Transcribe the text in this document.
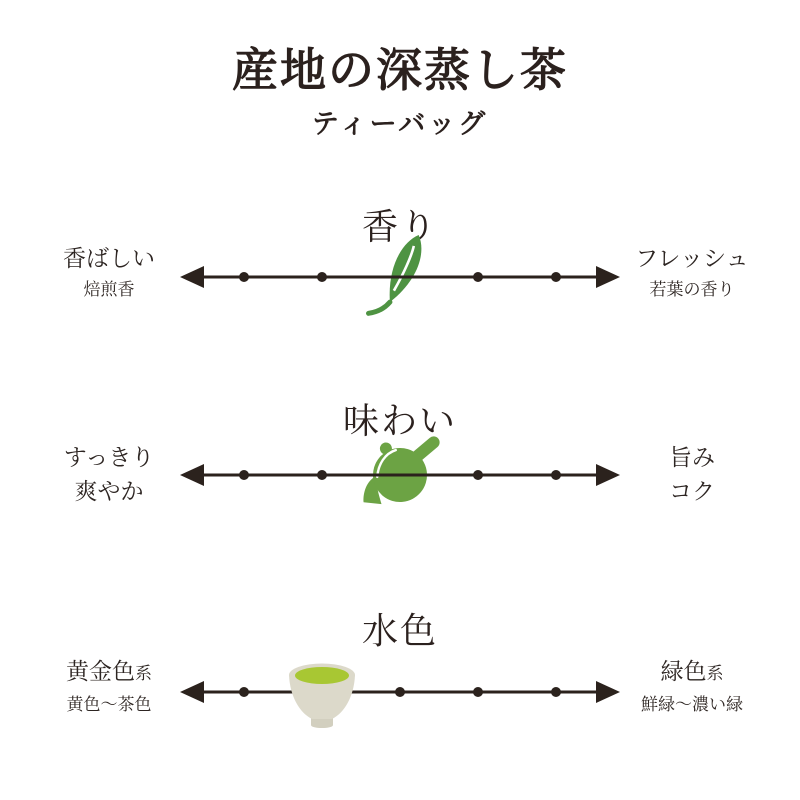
産地の深蒸し茶
ティーバッグ
香り
香ばしい
焙煎香
フレッシュ
若葉の香り
味わい
すっきり
爽やか
旨み
コク
水色
黄金色系
黄色〜茶色
緑色系
鮮緑〜濃い緑
